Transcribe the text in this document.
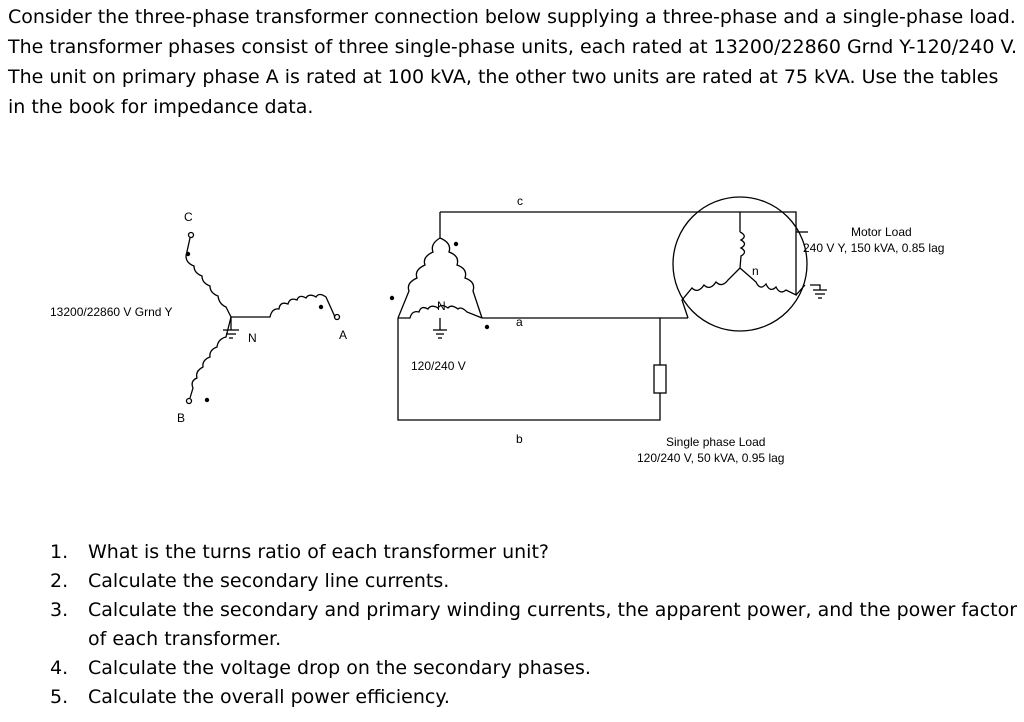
Consider the three-phase transformer connection below supplying a three-phase and a single-phase load. The transformer phases consist of three single-phase units, each rated at 13200/22860 Grnd Y-120/240 V. The unit on primary phase A is rated at 100 kVA, the other two units are rated at 75 kVA. Use the tables in the book for impedance data.
13200/22860 V Grnd Y
C
N	A
B
c
N
a
b
120/240 V
Motor Load
240 V Y, 150 kVA, 0.85 lag
n
Single phase Load
120/240 V, 50 kVA, 0.95 lag
1.	What is the turns ratio of each transformer unit?
2.	Calculate the secondary line currents.
3.	Calculate the secondary and primary winding currents, the apparent power, and the power factor of each transformer.
4.	Calculate the voltage drop on the secondary phases.
5.	Calculate the overall power efficiency.
